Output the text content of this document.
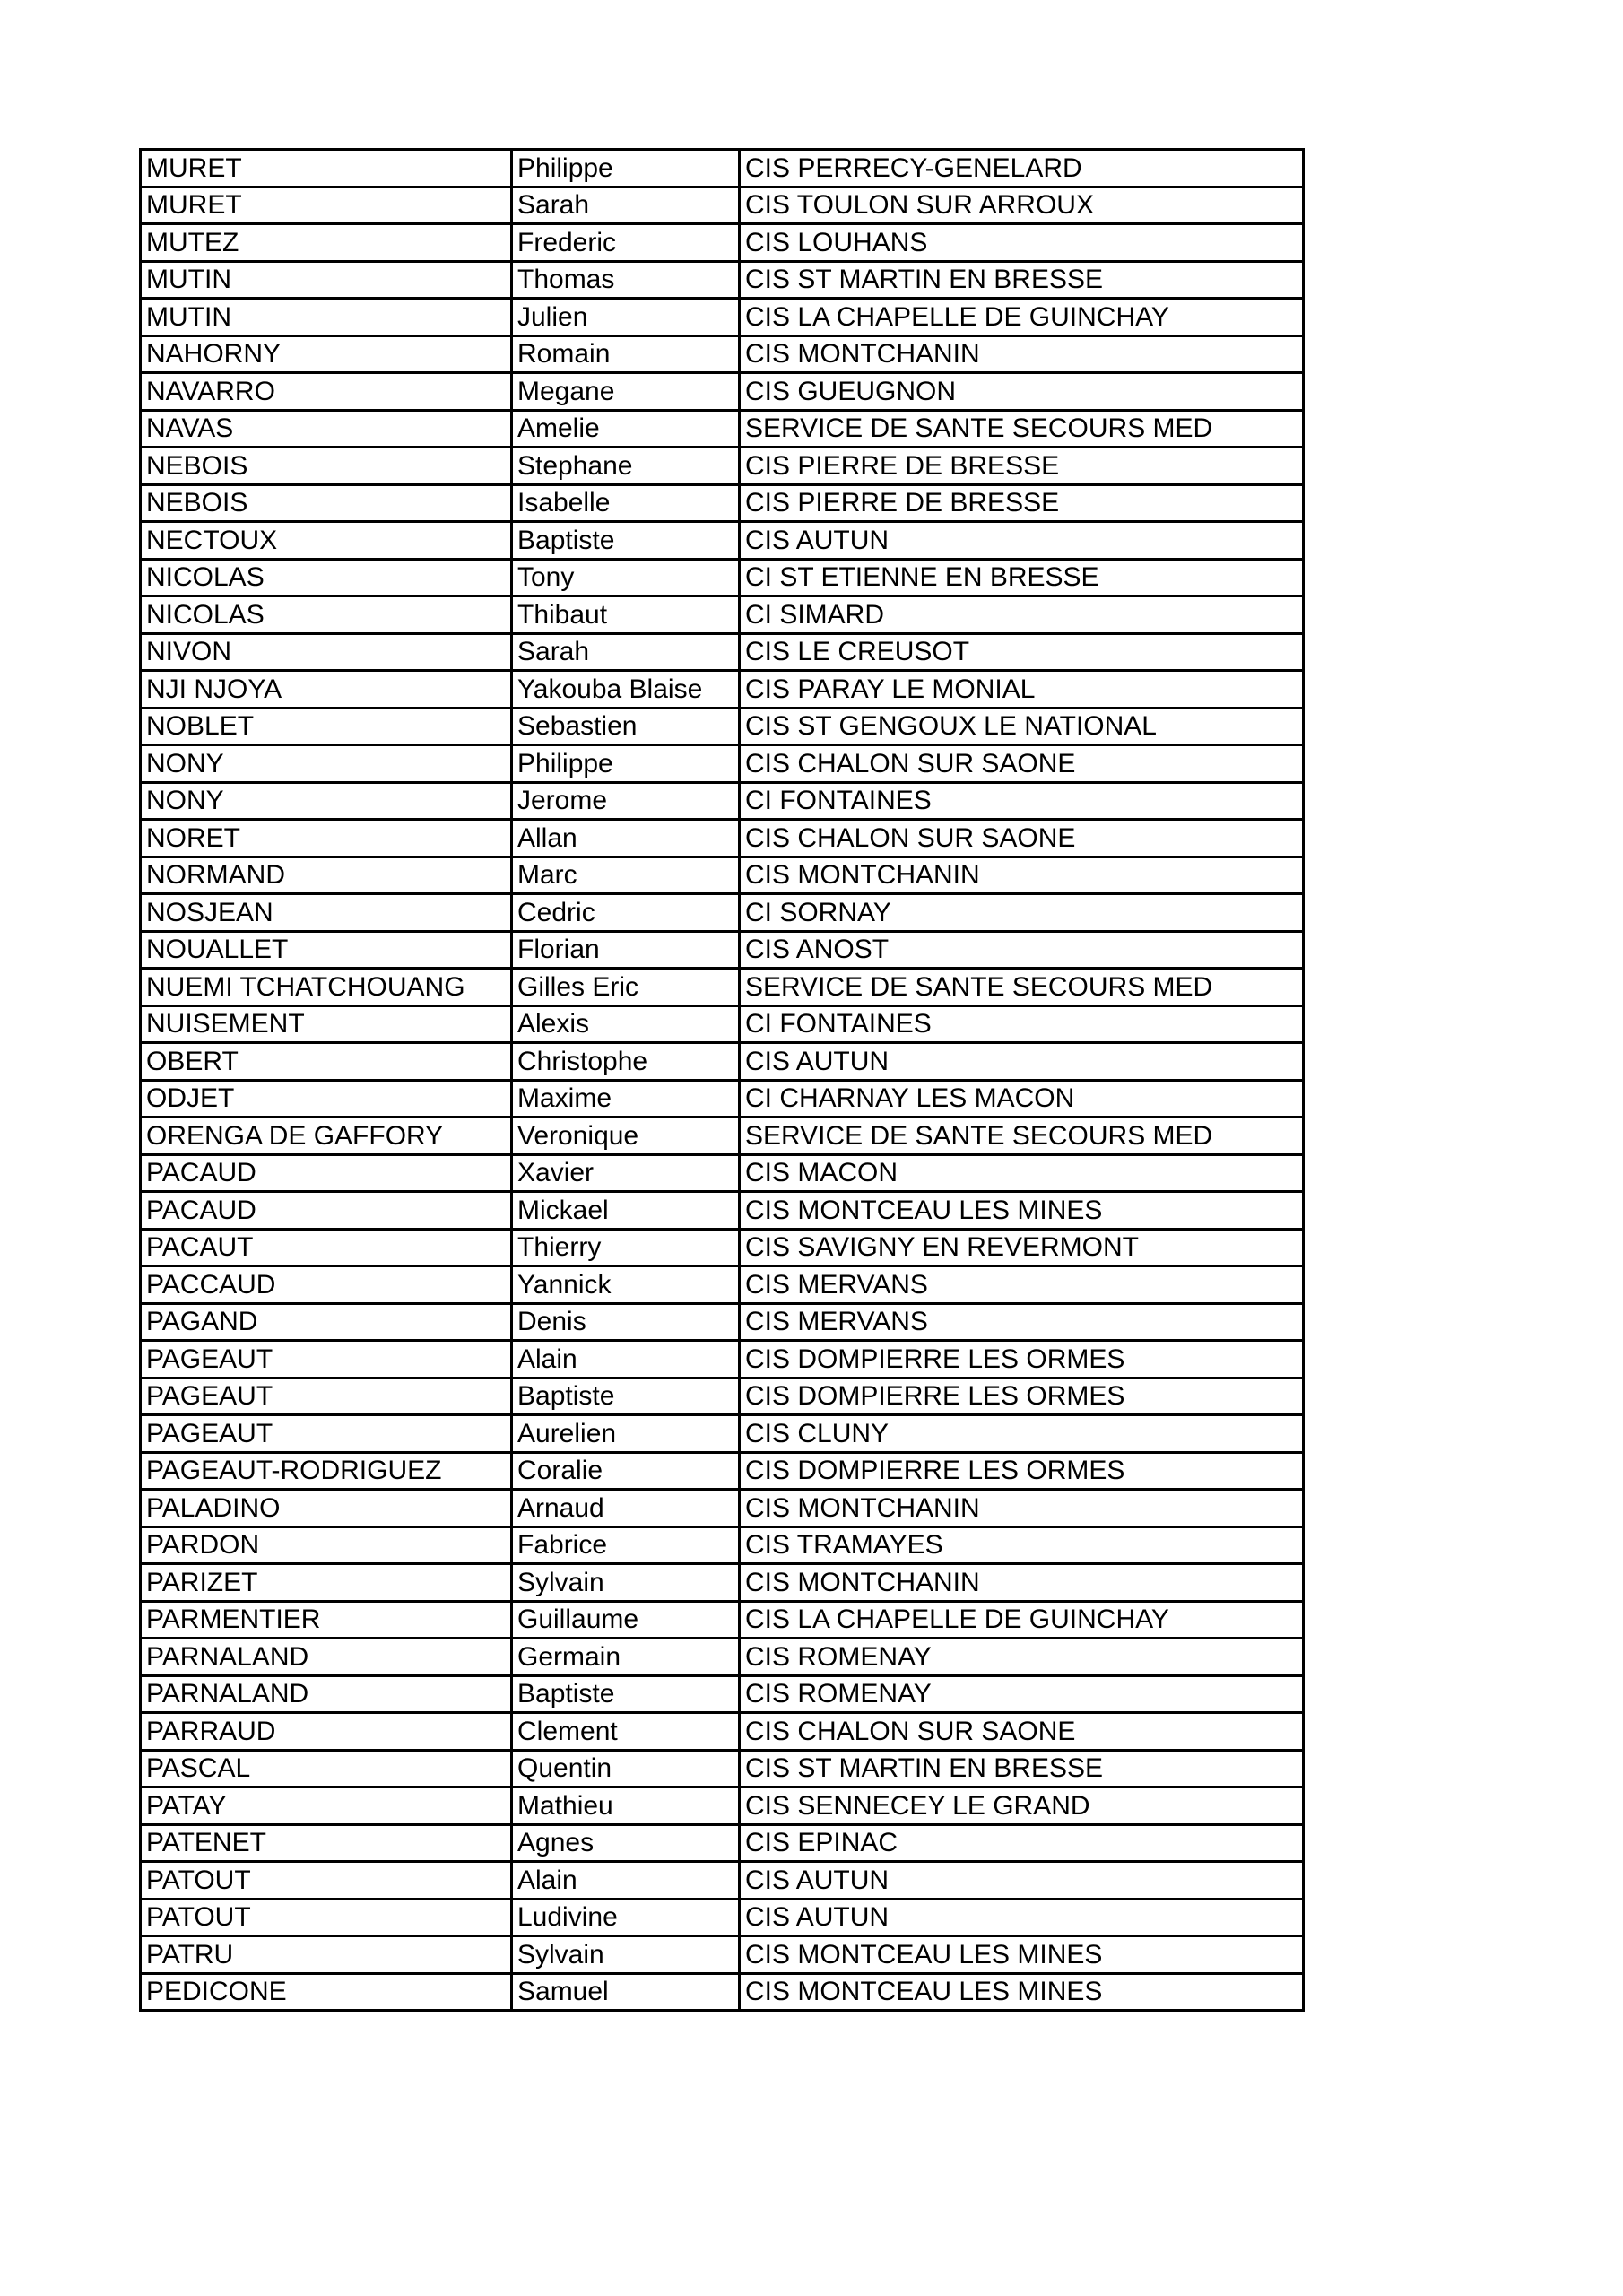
MURET	Philippe	CIS PERRECY-GENELARD
MURET	Sarah	CIS TOULON SUR ARROUX
MUTEZ	Frederic	CIS LOUHANS
MUTIN	Thomas	CIS ST MARTIN EN BRESSE
MUTIN	Julien	CIS LA CHAPELLE DE GUINCHAY
NAHORNY	Romain	CIS MONTCHANIN
NAVARRO	Megane	CIS GUEUGNON
NAVAS	Amelie	SERVICE DE SANTE SECOURS MED
NEBOIS	Stephane	CIS PIERRE DE BRESSE
NEBOIS	Isabelle	CIS PIERRE DE BRESSE
NECTOUX	Baptiste	CIS AUTUN
NICOLAS	Tony	CI ST ETIENNE EN BRESSE
NICOLAS	Thibaut	CI SIMARD
NIVON	Sarah	CIS LE CREUSOT
NJI NJOYA	Yakouba Blaise	CIS PARAY LE MONIAL
NOBLET	Sebastien	CIS ST GENGOUX LE NATIONAL
NONY	Philippe	CIS CHALON SUR SAONE
NONY	Jerome	CI FONTAINES
NORET	Allan	CIS CHALON SUR SAONE
NORMAND	Marc	CIS MONTCHANIN
NOSJEAN	Cedric	CI SORNAY
NOUALLET	Florian	CIS ANOST
NUEMI TCHATCHOUANG	Gilles Eric	SERVICE DE SANTE SECOURS MED
NUISEMENT	Alexis	CI FONTAINES
OBERT	Christophe	CIS AUTUN
ODJET	Maxime	CI CHARNAY LES MACON
ORENGA DE GAFFORY	Veronique	SERVICE DE SANTE SECOURS MED
PACAUD	Xavier	CIS MACON
PACAUD	Mickael	CIS MONTCEAU LES MINES
PACAUT	Thierry	CIS SAVIGNY EN REVERMONT
PACCAUD	Yannick	CIS MERVANS
PAGAND	Denis	CIS MERVANS
PAGEAUT	Alain	CIS DOMPIERRE LES ORMES
PAGEAUT	Baptiste	CIS DOMPIERRE LES ORMES
PAGEAUT	Aurelien	CIS CLUNY
PAGEAUT-RODRIGUEZ	Coralie	CIS DOMPIERRE LES ORMES
PALADINO	Arnaud	CIS MONTCHANIN
PARDON	Fabrice	CIS TRAMAYES
PARIZET	Sylvain	CIS MONTCHANIN
PARMENTIER	Guillaume	CIS LA CHAPELLE DE GUINCHAY
PARNALAND	Germain	CIS ROMENAY
PARNALAND	Baptiste	CIS ROMENAY
PARRAUD	Clement	CIS CHALON SUR SAONE
PASCAL	Quentin	CIS ST MARTIN EN BRESSE
PATAY	Mathieu	CIS SENNECEY LE GRAND
PATENET	Agnes	CIS EPINAC
PATOUT	Alain	CIS AUTUN
PATOUT	Ludivine	CIS AUTUN
PATRU	Sylvain	CIS MONTCEAU LES MINES
PEDICONE	Samuel	CIS MONTCEAU LES MINES
